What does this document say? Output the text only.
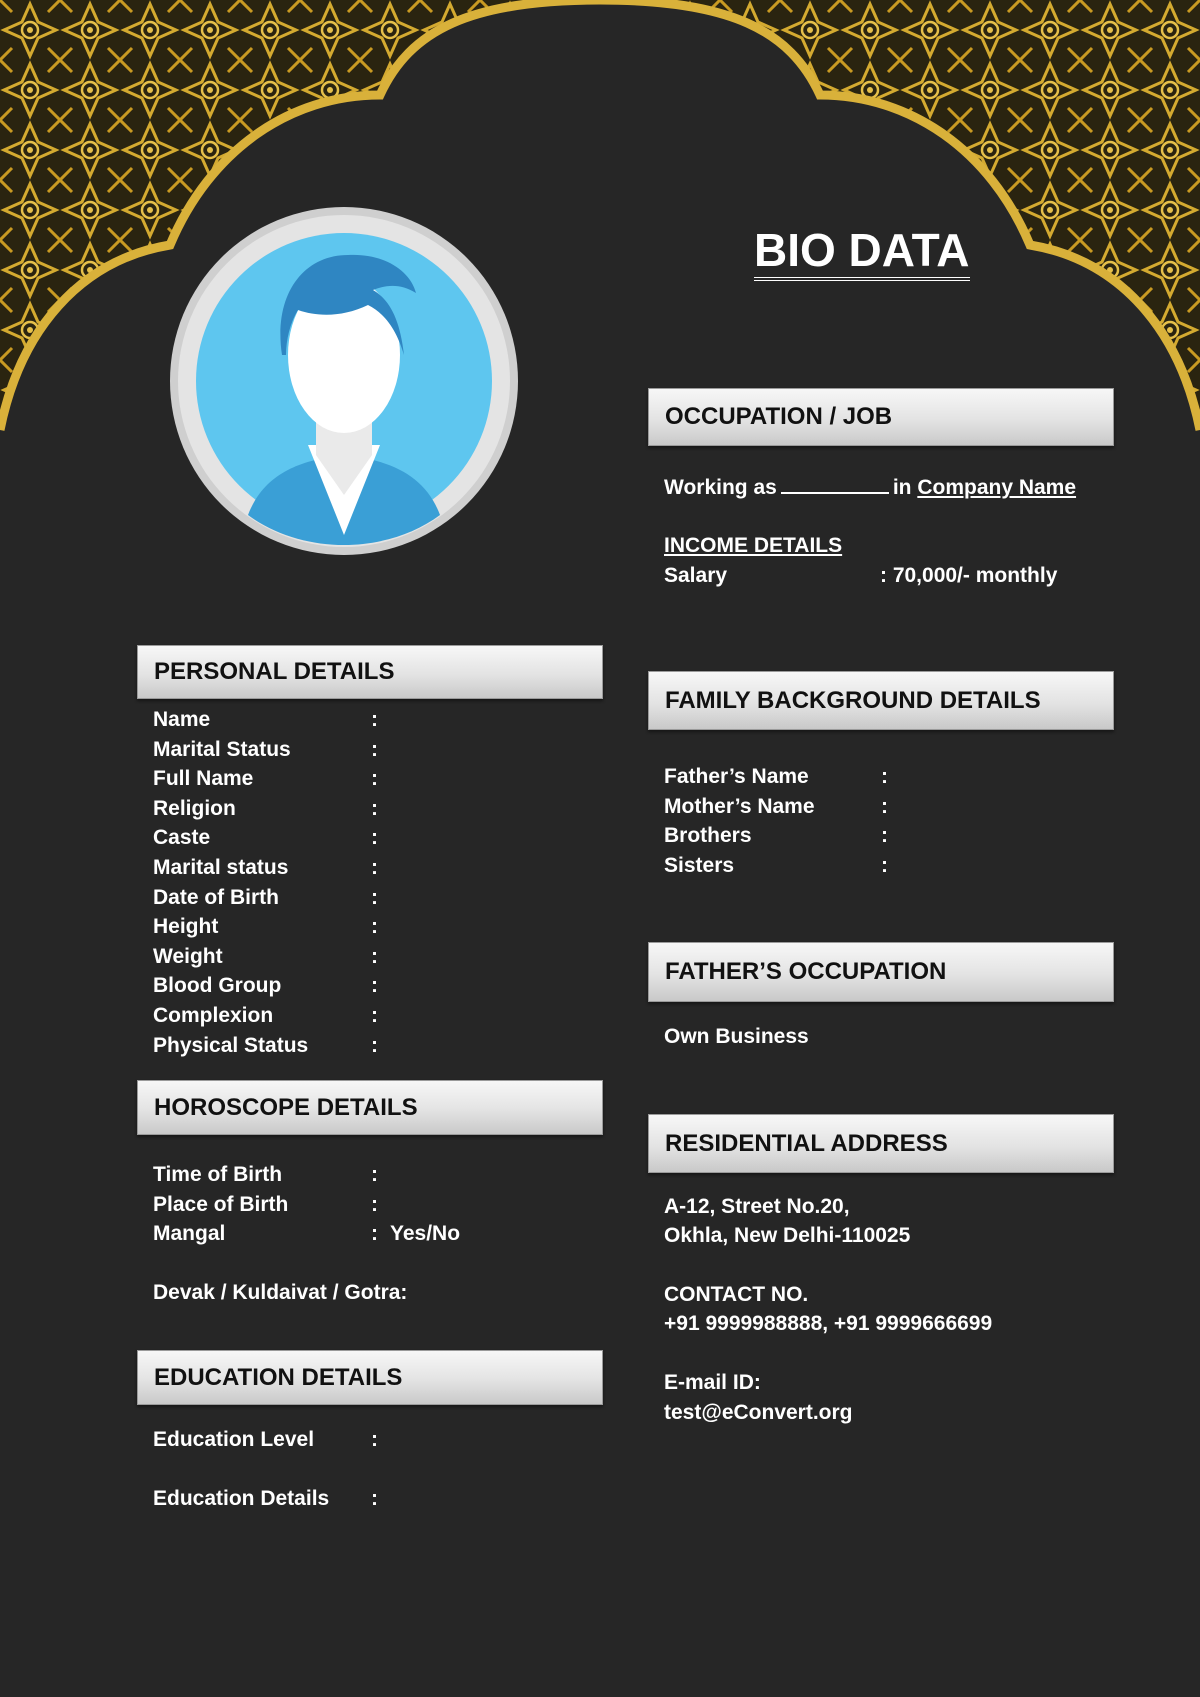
BIO DATA
OCCUPATION / JOB
Working as	in Company Name
INCOME DETAILS
Salary	: 70,000/- monthly
PERSONAL DETAILS
Name	:
Marital Status	:
Full Name	:
Religion	:
Caste	:
Marital status	:
Date of Birth	:
Height	:
Weight	:
Blood Group	:
Complexion	:
Physical Status	:
HOROSCOPE DETAILS
Time of Birth	:
Place of Birth	:
Mangal	: Yes/No
Devak / Kuldaivat / Gotra:
EDUCATION DETAILS
Education Level	:
Education Details :
FAMILY BACKGROUND DETAILS
Father’s Name	:
Mother’s Name	:
Brothers	:
Sisters	:
FATHER’S OCCUPATION
Own Business
RESIDENTIAL ADDRESS
A-12, Street No.20,
Okhla, New Delhi-110025
CONTACT NO.
+91 9999988888, +91 9999666699
E-mail ID:
test@eConvert.org
